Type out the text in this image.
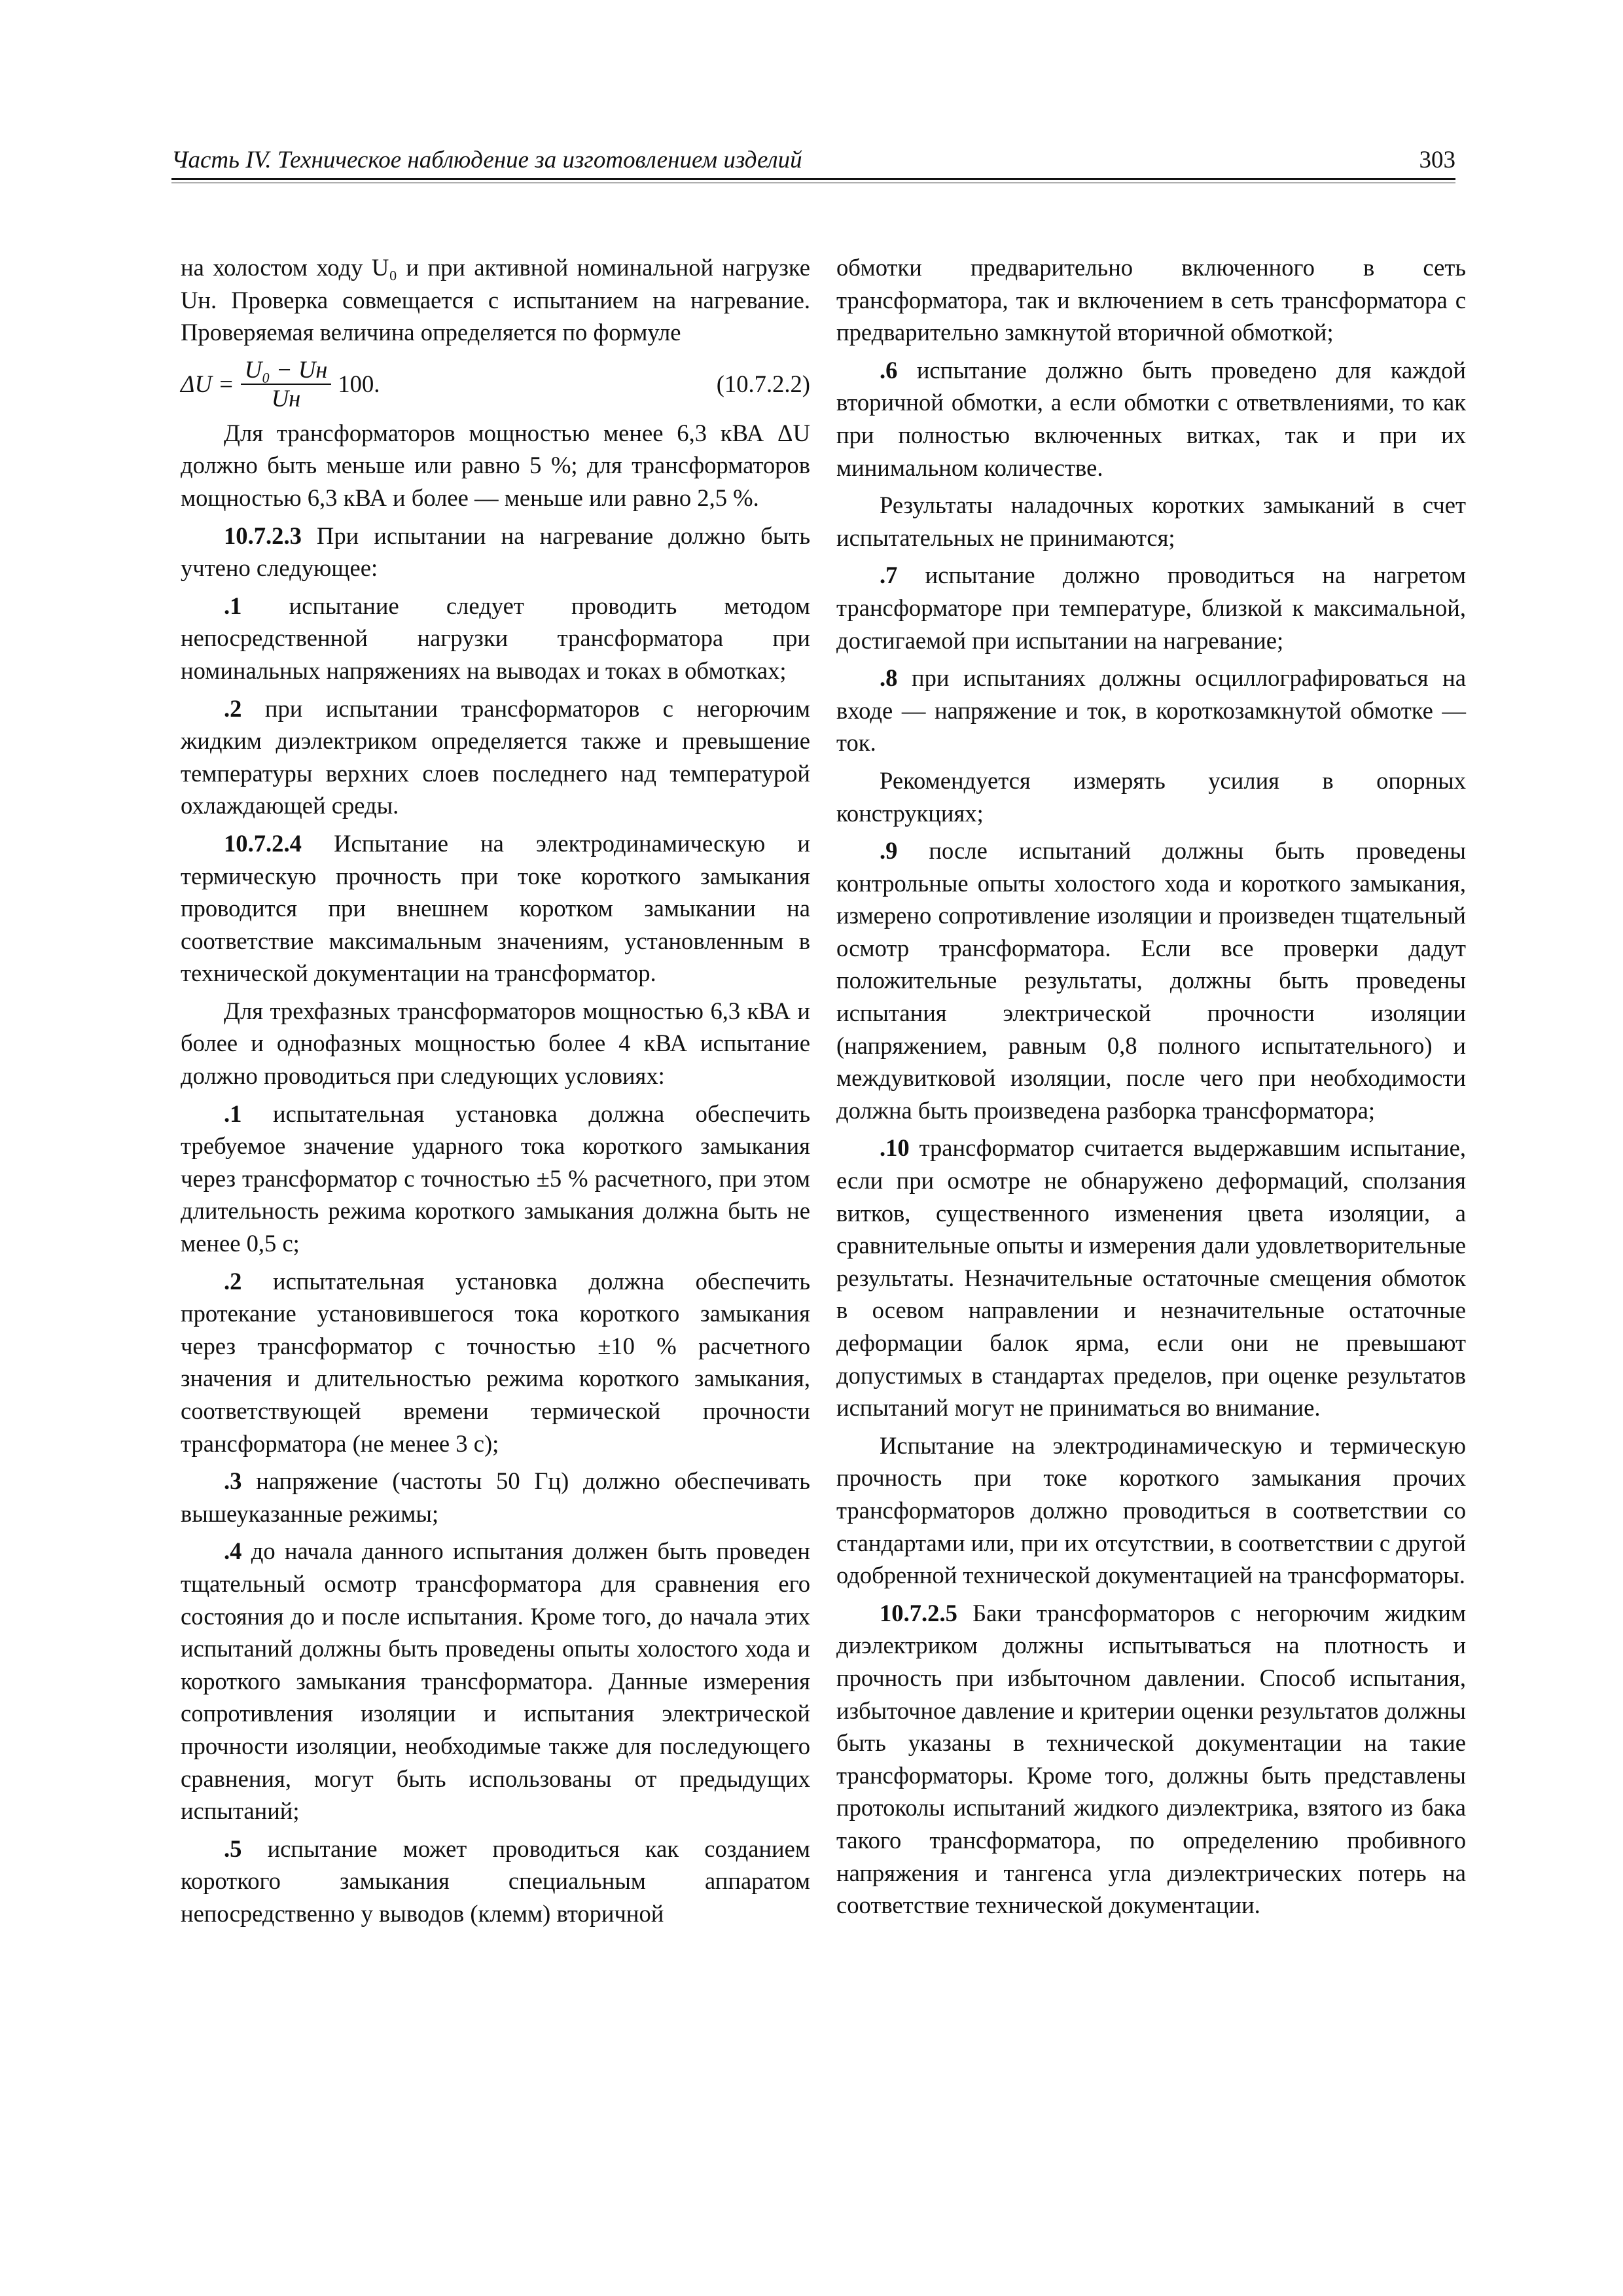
Часть IV. Техническое наблюдение за изготовлением изделий	303

на холостом ходу U₀ и при активной номинальной нагрузке Uн. Проверка совмещается с испытанием на нагревание. Проверяемая величина определяется по формуле

$\Delta U = \frac{\text{U₀ − Uн}}{Uн} 100$.	(10.7.2.2)

Для трансформаторов мощностью менее 6,3 кВА ΔU должно быть меньше или равно 5 %; для трансформаторов мощностью 6,3 кВА и более — меньше или равно 2,5 %.

10.7.2.3 При испытании на нагревание должно быть учтено следующее:

.1 испытание следует проводить методом непосредственной нагрузки трансформатора при номинальных напряжениях на выводах и токах в обмотках;

.2 при испытании трансформаторов с негорючим жидким диэлектриком определяется также и превышение температуры верхних слоев последнего над температурой охлаждающей среды.

10.7.2.4 Испытание на электродинамическую и термическую прочность при токе короткого замыкания проводится при внешнем коротком замыкании на соответствие максимальным значениям, установленным в технической документации на трансформатор.

Для трехфазных трансформаторов мощностью 6,3 кВА и более и однофазных мощностью более 4 кВА испытание должно проводиться при следующих условиях:

.1 испытательная установка должна обеспечить требуемое значение ударного тока короткого замыкания через трансформатор с точностью ±5 % расчетного, при этом длительность режима короткого замыкания должна быть не менее 0,5 с;

.2 испытательная установка должна обеспечить протекание установившегося тока короткого замыкания через трансформатор с точностью ±10 % расчетного значения и длительностью режима короткого замыкания, соответствующей времени термической прочности трансформатора (не менее 3 с);

.3 напряжение (частоты 50 Гц) должно обеспечивать вышеуказанные режимы;

.4 до начала данного испытания должен быть проведен тщательный осмотр трансформатора для сравнения его состояния до и после испытания. Кроме того, до начала этих испытаний должны быть проведены опыты холостого хода и короткого замыкания трансформатора. Данные измерения сопротивления изоляции и испытания электрической прочности изоляции, необходимые также для последующего сравнения, могут быть использованы от предыдущих испытаний;

.5 испытание может проводиться как созданием короткого замыкания специальным аппаратом непосредственно у выводов (клемм) вторичной

обмотки предварительно включенного в сеть трансформатора, так и включением в сеть трансформатора с предварительно замкнутой вторичной обмоткой;

.6 испытание должно быть проведено для каждой вторичной обмотки, а если обмотки с ответвлениями, то как при полностью включенных витках, так и при их минимальном количестве.

Результаты наладочных коротких замыканий в счет испытательных не принимаются;

.7 испытание должно проводиться на нагретом трансформаторе при температуре, близкой к максимальной, достигаемой при испытании на нагревание;

.8 при испытаниях должны осциллографироваться на входе — напряжение и ток, в короткозамкнутой обмотке — ток.

Рекомендуется измерять усилия в опорных конструкциях;

.9 после испытаний должны быть проведены контрольные опыты холостого хода и короткого замыкания, измерено сопротивление изоляции и произведен тщательный осмотр трансформатора. Если все проверки дадут положительные результаты, должны быть проведены испытания электрической прочности изоляции (напряжением, равным 0,8 полного испытательного) и междувитковой изоляции, после чего при необходимости должна быть произведена разборка трансформатора;

.10 трансформатор считается выдержавшим испытание, если при осмотре не обнаружено деформаций, сползания витков, существенного изменения цвета изоляции, а сравнительные опыты и измерения дали удовлетворительные результаты. Незначительные остаточные смещения обмоток в осевом направлении и незначительные остаточные деформации балок ярма, если они не превышают допустимых в стандартах пределов, при оценке результатов испытаний могут не приниматься во внимание.

Испытание на электродинамическую и термическую прочность при токе короткого замыкания прочих трансформаторов должно проводиться в соответствии со стандартами или, при их отсутствии, в соответствии с другой одобренной технической документацией на трансформаторы.

10.7.2.5 Баки трансформаторов с негорючим жидким диэлектриком должны испытываться на плотность и прочность при избыточном давлении. Способ испытания, избыточное давление и критерии оценки результатов должны быть указаны в технической документации на такие трансформаторы. Кроме того, должны быть представлены протоколы испытаний жидкого диэлектрика, взятого из бака такого трансформатора, по определению пробивного напряжения и тангенса угла диэлектрических потерь на соответствие технической документации.
